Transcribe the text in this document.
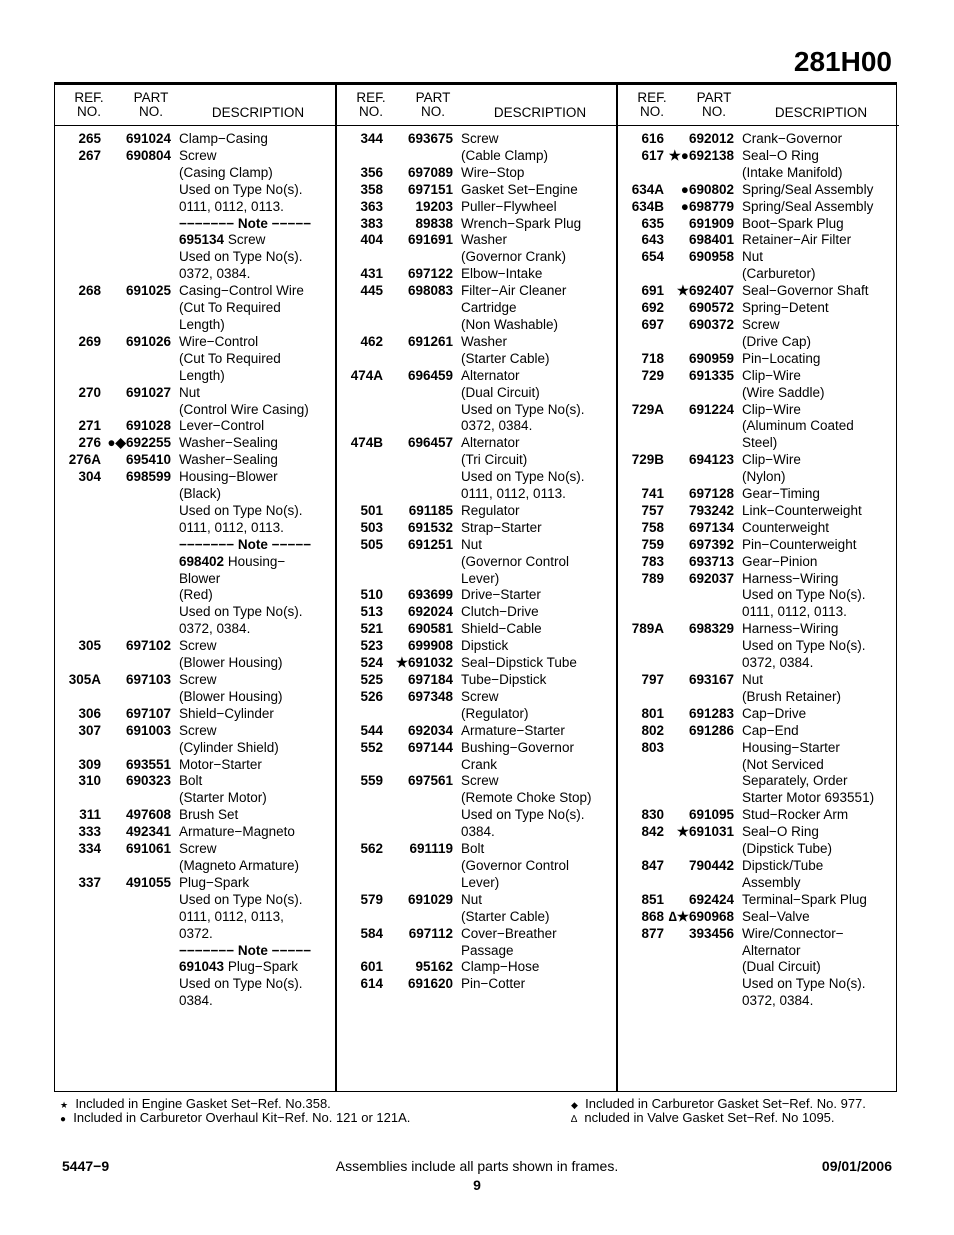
281H00
REF.
NO.
PART
NO.	DESCRIPTION
265	691024 Clamp−Casing
267	690804 Screw
(Casing Clamp)
Used on Type No(s).
0111, 0112, 0113.
−−−−−−− Note −−−−−
695134 Screw
Used on Type No(s).
0372, 0384.
268	691025 Casing−Control Wire
(Cut To Required
Length)
269	691026 Wire−Control
(Cut To Required
Length)
270	691027 Nut
(Control Wire Casing)
271	691028 Lever−Control
276 ●◆692255 Washer−Sealing
276A	695410 Washer−Sealing
304	698599 Housing−Blower
(Black)
Used on Type No(s).
0111, 0112, 0113.
−−−−−−− Note −−−−−
698402 Housing−
Blower
(Red)
Used on Type No(s).
0372, 0384.
305	697102 Screw
(Blower Housing)
305A	697103 Screw
(Blower Housing)
306	697107 Shield−Cylinder
307	691003 Screw
(Cylinder Shield)
309	693551 Motor−Starter
310	690323 Bolt
(Starter Motor)
311	497608 Brush Set
333	492341 Armature−Magneto
334	691061 Screw
(Magneto Armature)
337	491055 Plug−Spark
Used on Type No(s).
0111, 0112, 0113,
0372.
−−−−−−− Note −−−−−
691043 Plug−Spark
Used on Type No(s).
0384.
REF.
NO.
PART
NO.	DESCRIPTION
344	693675 Screw
(Cable Clamp)
356	697089 Wire−Stop
358	697151 Gasket Set−Engine
363	19203 Puller−Flywheel
383	89838 Wrench−Spark Plug
404	691691 Washer
(Governor Crank)
431	697122 Elbow−Intake
445	698083 Filter−Air Cleaner
Cartridge
(Non Washable)
462	691261 Washer
(Starter Cable)
474A	696459 Alternator
(Dual Circuit)
Used on Type No(s).
0372, 0384.
474B	696457 Alternator
(Tri Circuit)
Used on Type No(s).
0111, 0112, 0113.
501	691185 Regulator
503	691532 Strap−Starter
505	691251 Nut
(Governor Control
Lever)
510	693699 Drive−Starter
513	692024 Clutch−Drive
521	690581 Shield−Cable
523	699908 Dipstick
524 ★691032 Seal−Dipstick Tube
525	697184 Tube−Dipstick
526	697348 Screw
(Regulator)
544	692034 Armature−Starter
552	697144 Bushing−Governor
Crank
559	697561 Screw
(Remote Choke Stop)
Used on Type No(s).
0384.
562	691119 Bolt
(Governor Control
Lever)
579	691029 Nut
(Starter Cable)
584	697112 Cover−Breather
Passage
601	95162 Clamp−Hose
614	691620 Pin−Cotter
REF.
NO.
PART
NO.	DESCRIPTION
616	692012 Crank−Governor
617 ★●692138 Seal−O Ring
(Intake Manifold)
634A	●690802 Spring/Seal Assembly
634B	●698779 Spring/Seal Assembly
635	691909 Boot−Spark Plug
643	698401 Retainer−Air Filter
654	690958 Nut
(Carburetor)
691 ★692407 Seal−Governor Shaft
692	690572 Spring−Detent
697	690372 Screw
(Drive Cap)
718	690959 Pin−Locating
729	691335 Clip−Wire
(Wire Saddle)
729A	691224 Clip−Wire
(Aluminum Coated
Steel)
729B	694123 Clip−Wire
(Nylon)
741	697128 Gear−Timing
757	793242 Link−Counterweight
758	697134 Counterweight
759	697392 Pin−Counterweight
783	693713 Gear−Pinion
789	692037 Harness−Wiring
Used on Type No(s).
0111, 0112, 0113.
789A	698329 Harness−Wiring
Used on Type No(s).
0372, 0384.
797	693167 Nut
(Brush Retainer)
801	691283 Cap−Drive
802	691286 Cap−End
803	Housing−Starter
(Not Serviced
Separately, Order
Starter Motor 693551)
830	691095 Stud−Rocker Arm
842 ★691031 Seal−O Ring
(Dipstick Tube)
847	790442 Dipstick/Tube
Assembly
851	692424 Terminal−Spark Plug
868 ∆★690968 Seal−Valve
877	393456 Wire/Connector−
Alternator
(Dual Circuit)
Used on Type No(s).
0372, 0384.
★ Included in Engine Gasket Set−Ref. No.358.
● Included in Carburetor Overhaul Kit−Ref. No. 121 or 121A.
◆ Included in Carburetor Gasket Set−Ref. No. 977.
∆ ncluded in Valve Gasket Set−Ref. No 1095.
5447−9	Assemblies include all parts shown in frames.
9
09/01/2006
